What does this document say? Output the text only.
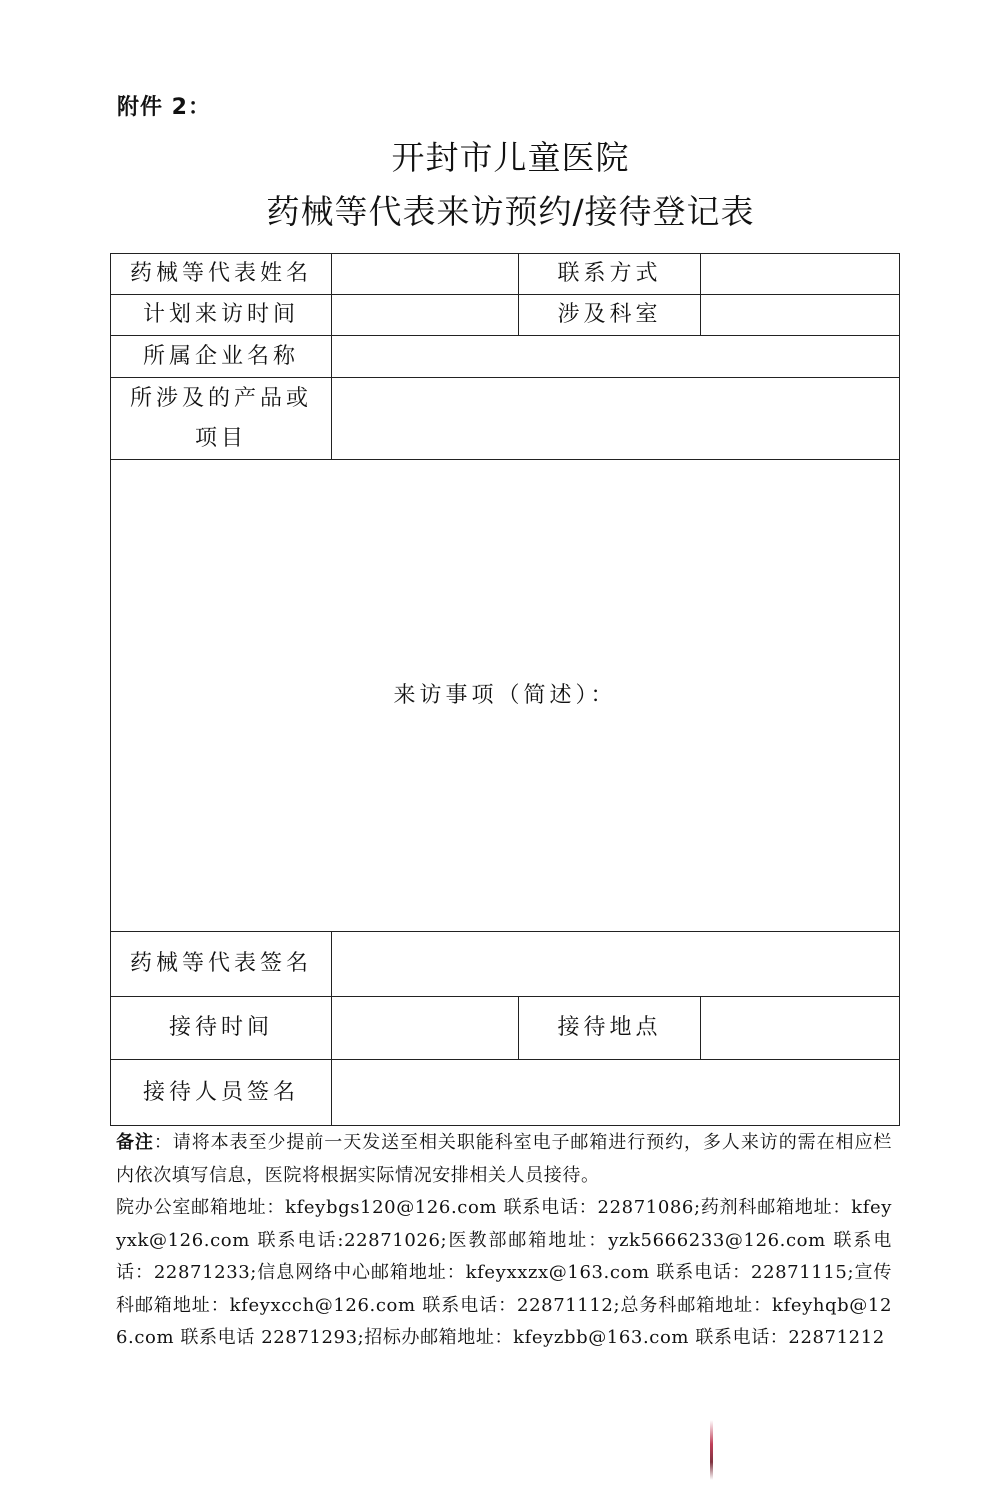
附件 2：
开封市儿童医院
药械等代表来访预约/接待登记表
药械等代表姓名		联系方式	
计划来访时间		涉及科室	
所属企业名称			

所涉及的产品或
项目			

来访事项（简述）：			
药械等代表签名			
接待时间		接待地点	
接待人员签名			

备注：请将本表至少提前一天发送至相关职能科室电子邮箱进行预约，多人来访的需在相应栏内依次填写信息，医院将根据实际情况安排相关人员接待。

院办公室邮箱地址：kfeybgs120@126.com 联系电话：22871086;药剂科邮箱地址：kfeyyxk@126.com 联系电话:22871026;医教部邮箱地址：yzk5666233@126.com 联系电话：22871233;信息网络中心邮箱地址：kfeyxxzx@163.com 联系电话：22871115;宣传科邮箱地址：kfeyxcch@126.com 联系电话：22871112;总务科邮箱地址：kfeyhqb@126.com 联系电话 22871293;招标办邮箱地址：kfeyzbb@163.com 联系电话：22871212
